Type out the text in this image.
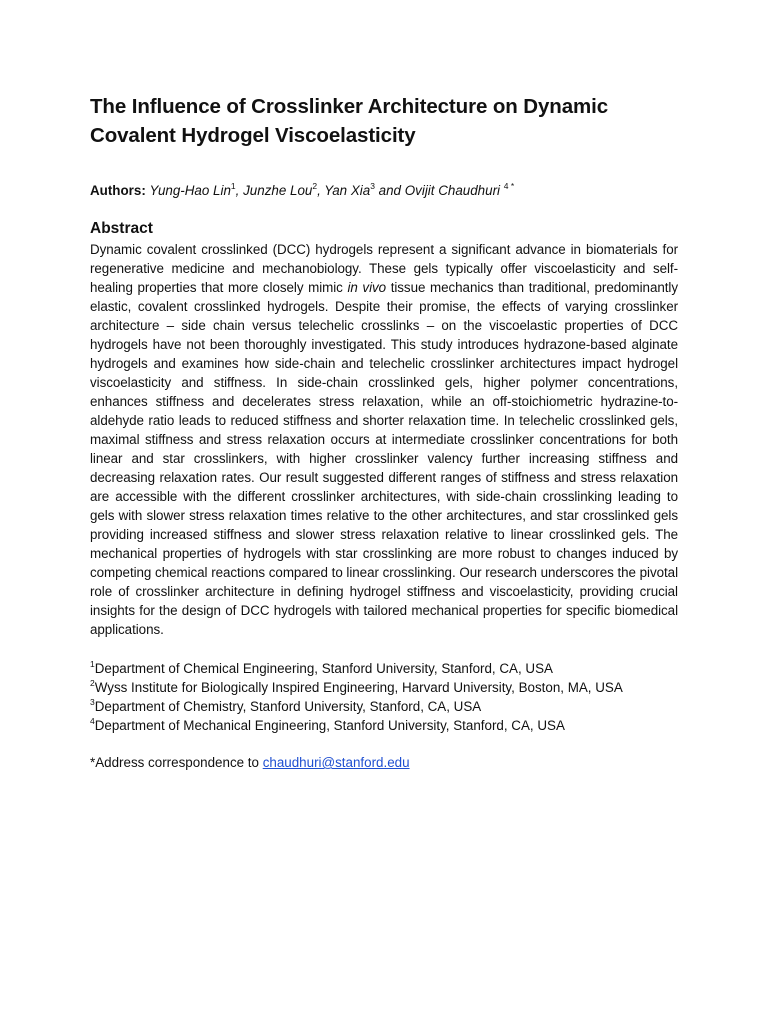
The Influence of Crosslinker Architecture on Dynamic Covalent Hydrogel Viscoelasticity
Authors: Yung-Hao Lin$^1$, Junzhe Lou$^2$, Yan Xia$^3$ and Ovijit Chaudhuri $^{4 *}$
Abstract

Dynamic covalent crosslinked (DCC) hydrogels represent a significant advance in biomaterials for regenerative medicine and mechanobiology. These gels typically offer viscoelasticity and self-healing properties that more closely mimic in vivo tissue mechanics than traditional, predominantly elastic, covalent crosslinked hydrogels. Despite their promise, the effects of varying crosslinker architecture – side chain versus telechelic crosslinks – on the viscoelastic properties of DCC hydrogels have not been thoroughly investigated. This study introduces hydrazone-based alginate hydrogels and examines how side-chain and telechelic crosslinker architectures impact hydrogel viscoelasticity and stiffness. In side-chain crosslinked gels, higher polymer concentrations, enhances stiffness and decelerates stress relaxation, while an off-stoichiometric hydrazine-to-aldehyde ratio leads to reduced stiffness and shorter relaxation time. In telechelic crosslinked gels, maximal stiffness and stress relaxation occurs at intermediate crosslinker concentrations for both linear and star crosslinkers, with higher crosslinker valency further increasing stiffness and decreasing relaxation rates. Our result suggested different ranges of stiffness and stress relaxation are accessible with the different crosslinker architectures, with side-chain crosslinking leading to gels with slower stress relaxation times relative to the other architectures, and star crosslinked gels providing increased stiffness and slower stress relaxation relative to linear crosslinked gels. The mechanical properties of hydrogels with star crosslinking are more robust to changes induced by competing chemical reactions compared to linear crosslinking. Our research underscores the pivotal role of crosslinker architecture in defining hydrogel stiffness and viscoelasticity, providing crucial insights for the design of DCC hydrogels with tailored mechanical properties for specific biomedical applications.

$^1$Department of Chemical Engineering, Stanford University, Stanford, CA, USA
$^2$Wyss Institute for Biologically Inspired Engineering, Harvard University, Boston, MA, USA
$^3$Department of Chemistry, Stanford University, Stanford, CA, USA
$^4$Department of Mechanical Engineering, Stanford University, Stanford, CA, USA
*Address correspondence to chaudhuri@stanford.edu
